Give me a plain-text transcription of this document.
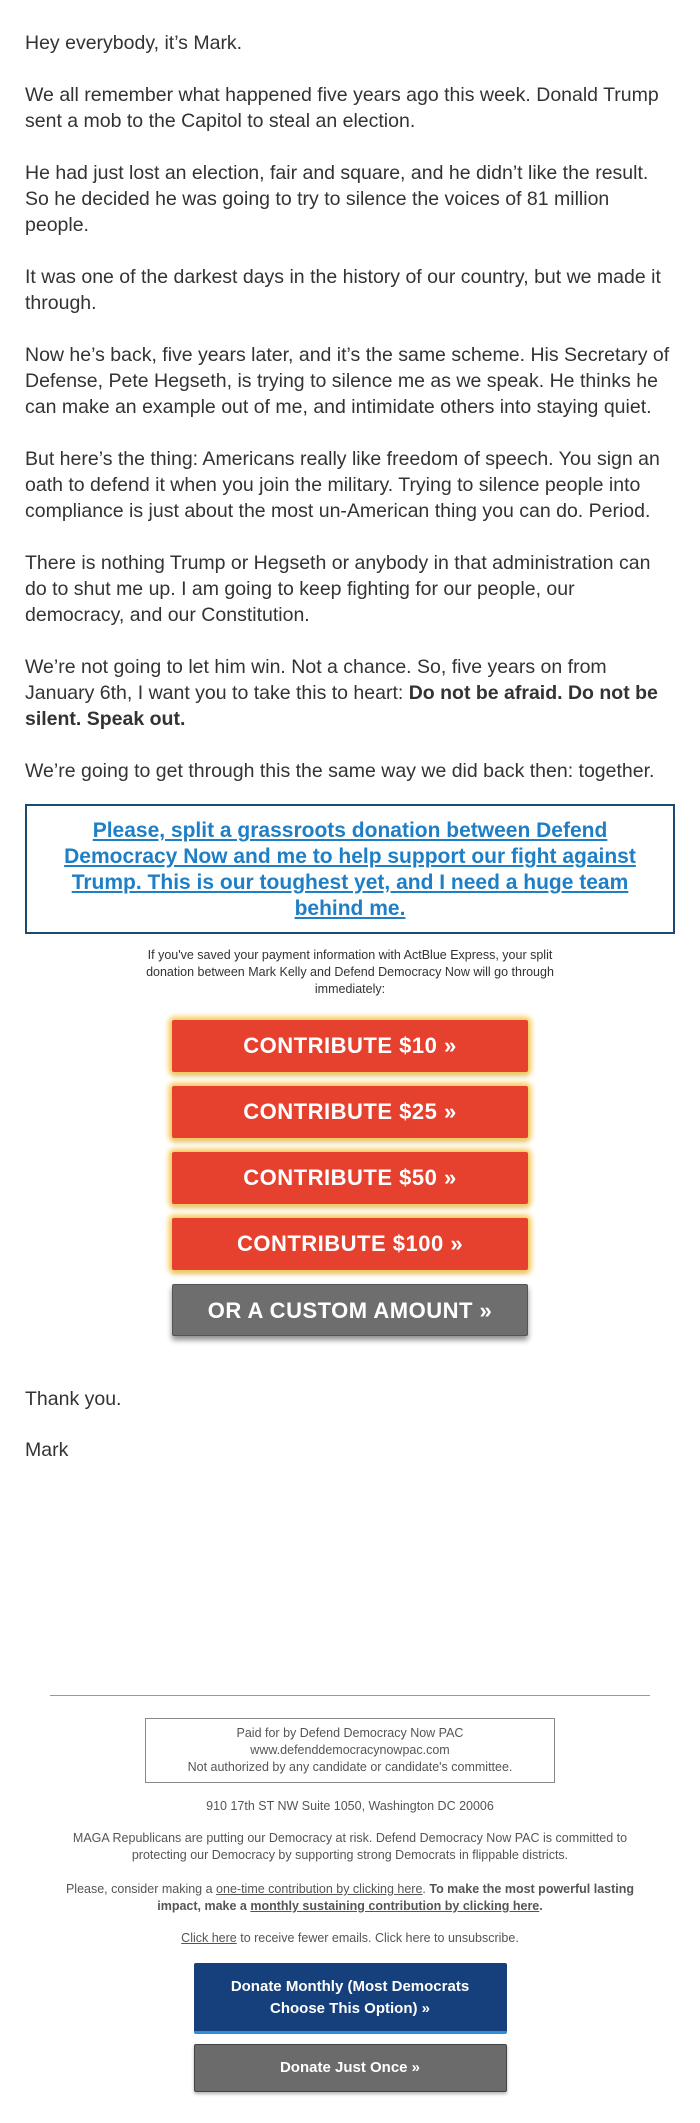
Hey everybody, it’s Mark.

We all remember what happened five years ago this week. Donald Trump sent a mob to the Capitol to steal an election.

He had just lost an election, fair and square, and he didn’t like the result. So he decided he was going to try to silence the voices of 81 million people.

It was one of the darkest days in the history of our country, but we made it through.

Now he’s back, five years later, and it’s the same scheme. His Secretary of Defense, Pete Hegseth, is trying to silence me as we speak. He thinks he can make an example out of me, and intimidate others into staying quiet.

But here’s the thing: Americans really like freedom of speech. You sign an oath to defend it when you join the military. Trying to silence people into compliance is just about the most un-American thing you can do. Period.

There is nothing Trump or Hegseth or anybody in that administration can do to shut me up. I am going to keep fighting for our people, our democracy, and our Constitution.

We’re not going to let him win. Not a chance. So, five years on from January 6th, I want you to take this to heart: Do not be afraid. Do not be silent. Speak out.

We’re going to get through this the same way we did back then: together.

Please, split a grassroots donation between Defend Democracy Now and me to help support our fight against Trump. This is our toughest yet, and I need a huge team behind me.

If you've saved your payment information with ActBlue Express, your split donation between Mark Kelly and Defend Democracy Now will go through immediately:

CONTRIBUTE $10 »
CONTRIBUTE $25 »
CONTRIBUTE $50 »
CONTRIBUTE $100 »
OR A CUSTOM AMOUNT »

Thank you.

Mark

Paid for by Defend Democracy Now PAC
www.defenddemocracynowpac.com
Not authorized by any candidate or candidate's committee.

910 17th ST NW Suite 1050, Washington DC 20006

MAGA Republicans are putting our Democracy at risk. Defend Democracy Now PAC is committed to protecting our Democracy by supporting strong Democrats in flippable districts.

Please, consider making a one-time contribution by clicking here. To make the most powerful lasting impact, make a monthly sustaining contribution by clicking here.

Click here to receive fewer emails. Click here to unsubscribe.

Donate Monthly (Most Democrats Choose This Option) »
Donate Just Once »
